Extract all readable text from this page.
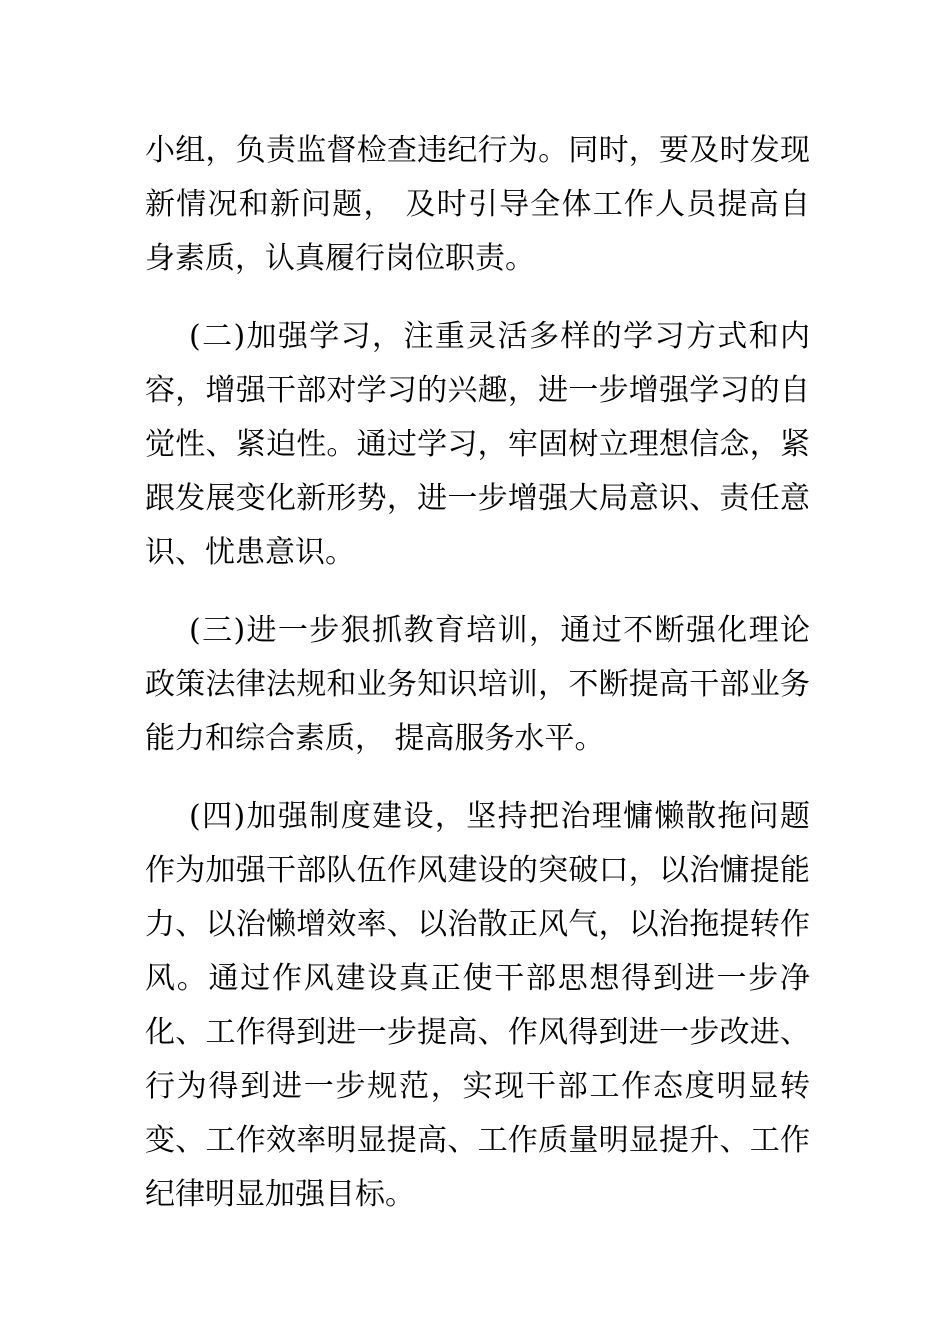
小组，负责监督检查违纪行为。同时，要及时发现新情况和新问题， 及时引导全体工作人员提高自身素质，认真履行岗位职责。

(二)加强学习，注重灵活多样的学习方式和内容，增强干部对学习的兴趣，进一步增强学习的自觉性、紧迫性。通过学习，牢固树立理想信念，紧跟发展变化新形势，进一步增强大局意识、责任意识、忧患意识。

(三)进一步狠抓教育培训，通过不断强化理论政策法律法规和业务知识培训，不断提高干部业务能力和综合素质， 提高服务水平。

(四)加强制度建设，坚持把治理慵懒散拖问题作为加强干部队伍作风建设的突破口，以治慵提能力、以治懒增效率、以治散正风气，以治拖提转作风。通过作风建设真正使干部思想得到进一步净化、工作得到进一步提高、作风得到进一步改进、行为得到进一步规范，实现干部工作态度明显转变、工作效率明显提高、工作质量明显提升、工作纪律明显加强目标。
